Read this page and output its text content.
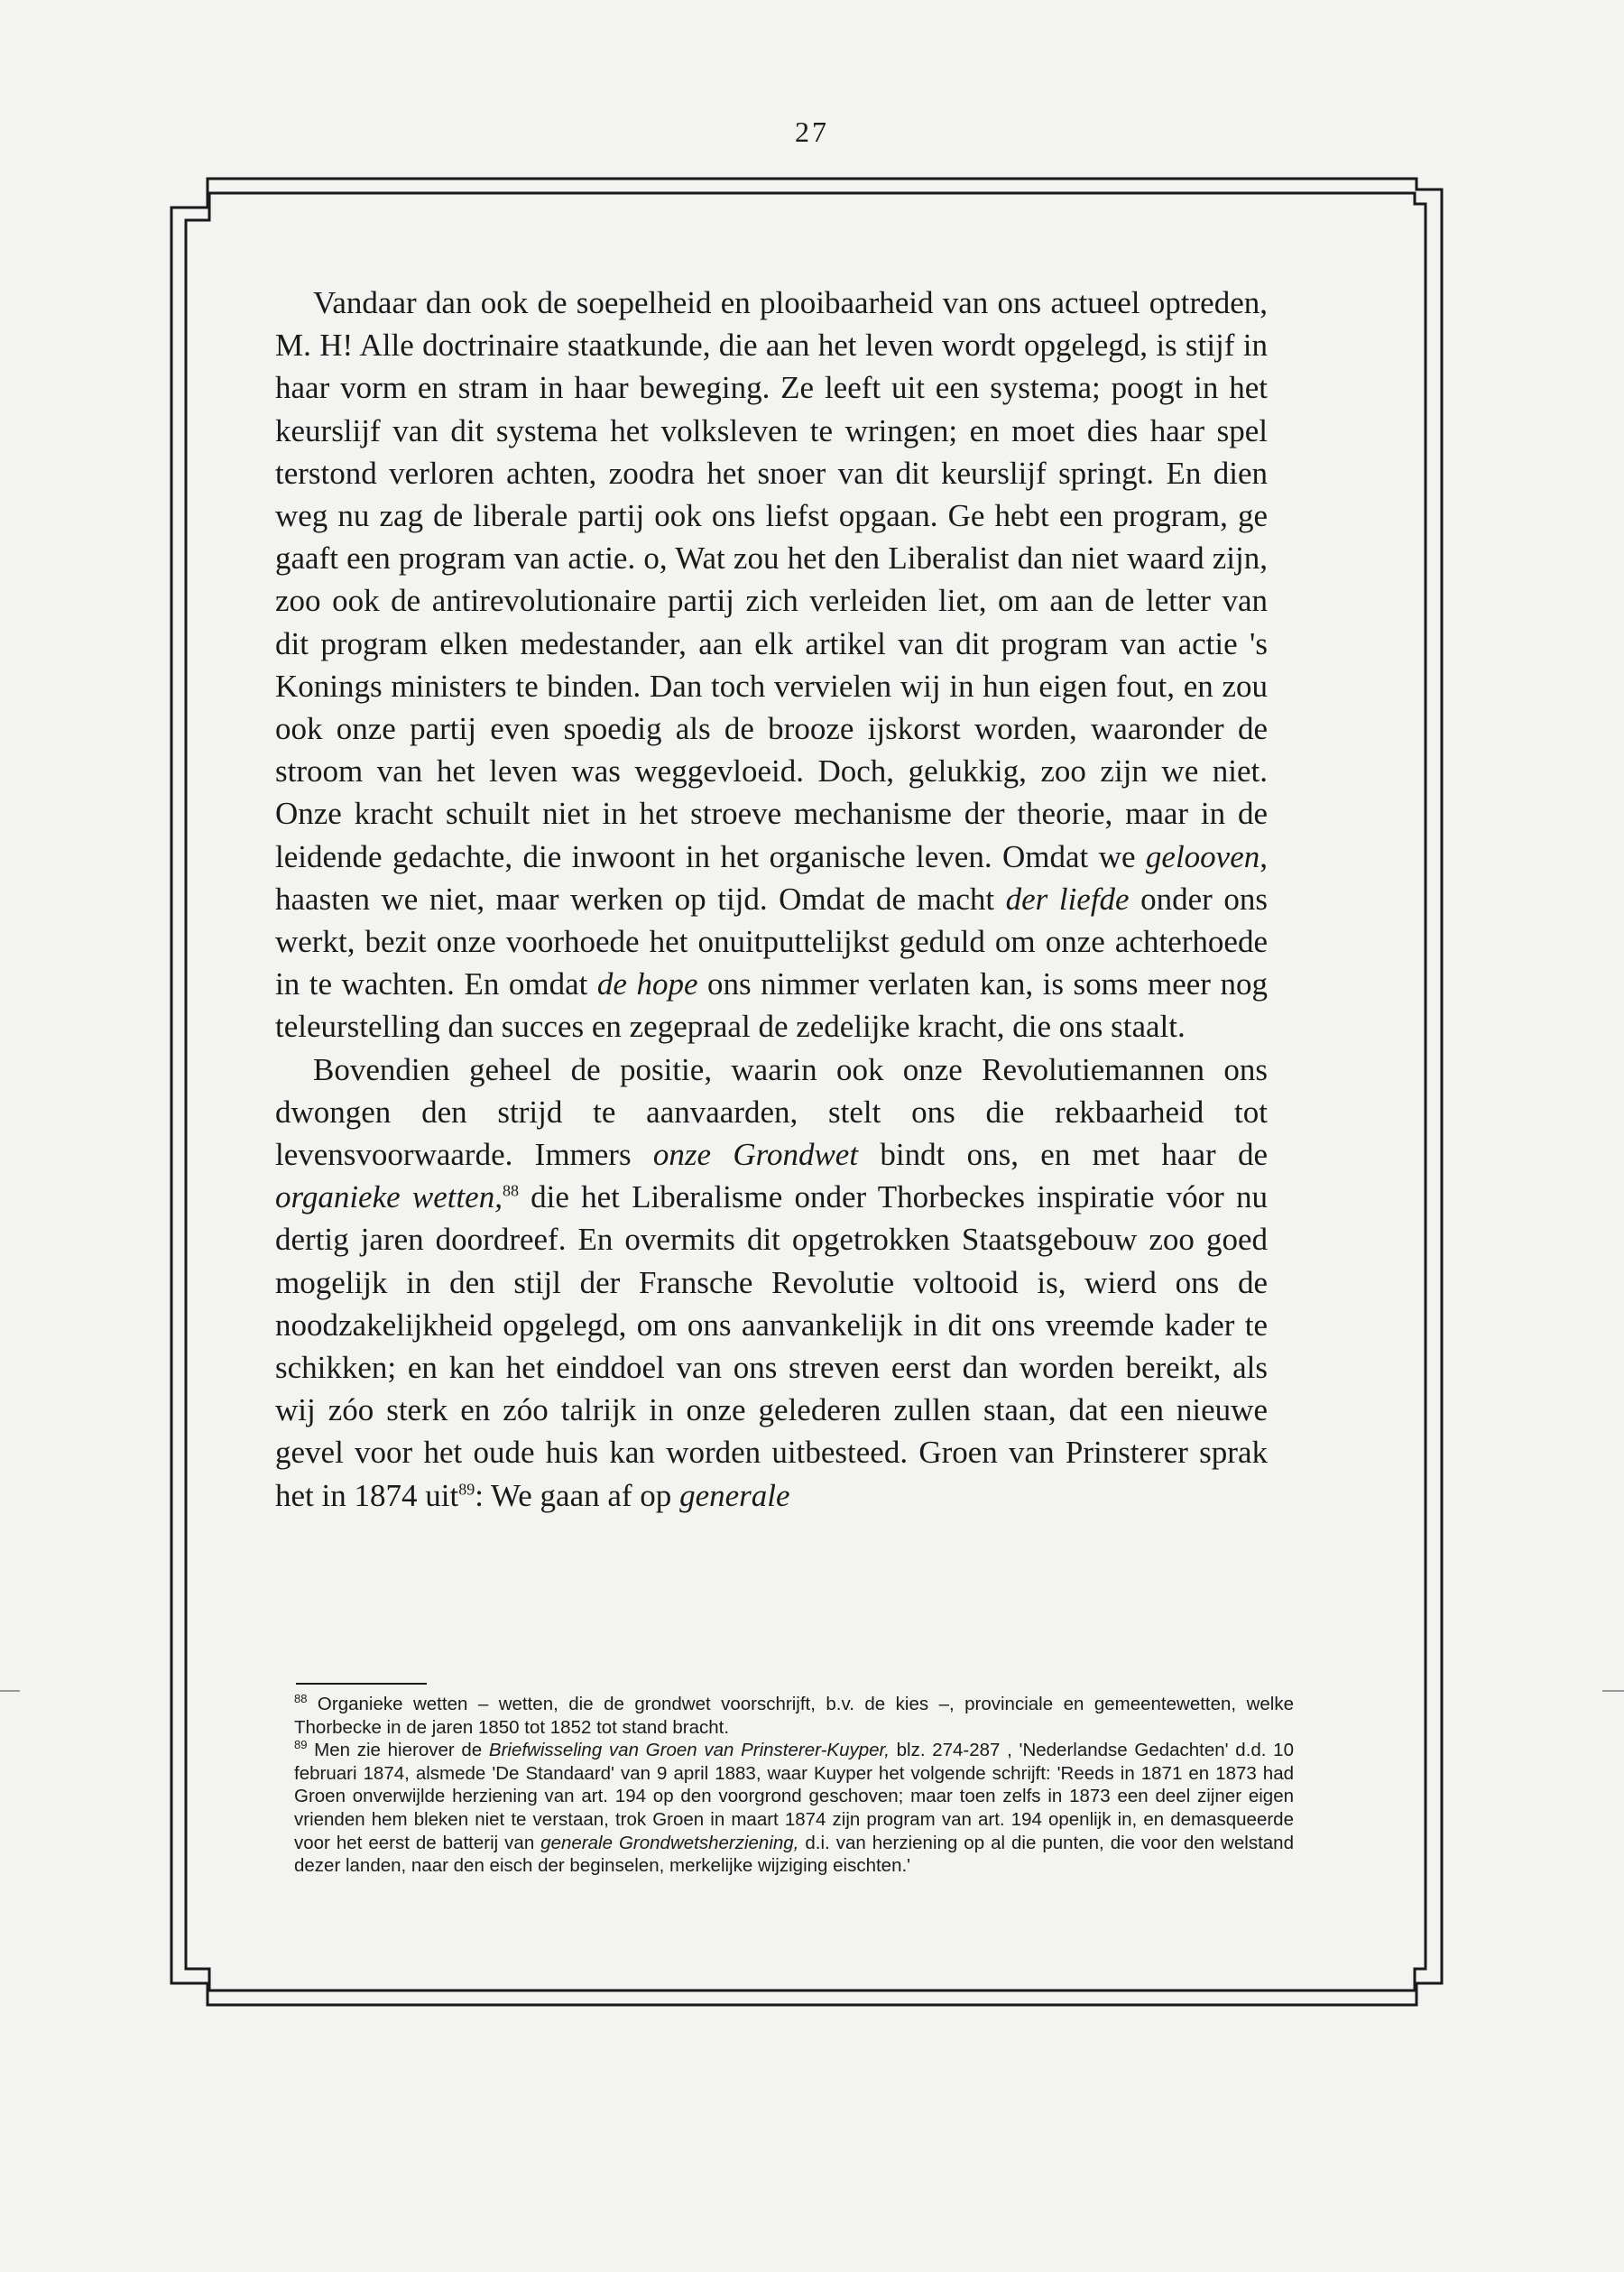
27

Vandaar dan ook de soepelheid en plooibaarheid van ons actueel optreden, M. H! Alle doctrinaire staatkunde, die aan het leven wordt opgelegd, is stijf in haar vorm en stram in haar beweging. Ze leeft uit een systema; poogt in het keurslijf van dit systema het volksleven te wringen; en moet dies haar spel terstond verloren achten, zoodra het snoer van dit keurslijf springt. En dien weg nu zag de liberale partij ook ons liefst opgaan. Ge hebt een program, ge gaaft een program van actie. o, Wat zou het den Liberalist dan niet waard zijn, zoo ook de antirevolutionaire partij zich verleiden liet, om aan de letter van dit program elken medestander, aan elk artikel van dit program van actie 's Konings ministers te binden. Dan toch vervielen wij in hun eigen fout, en zou ook onze partij even spoedig als de brooze ijskorst worden, waaronder de stroom van het leven was weggevloeid. Doch, gelukkig, zoo zijn we niet. Onze kracht schuilt niet in het stroeve mechanisme der theorie, maar in de leidende gedachte, die inwoont in het organische leven. Omdat we gelooven, haasten we niet, maar werken op tijd. Omdat de macht der liefde onder ons werkt, bezit onze voorhoede het onuitputtelijkst geduld om onze achterhoede in te wachten. En omdat de hope ons nimmer verlaten kan, is soms meer nog teleurstelling dan succes en zegepraal de zedelijke kracht, die ons staalt.

Bovendien geheel de positie, waarin ook onze Revolutiemannen ons dwongen den strijd te aanvaarden, stelt ons die rekbaarheid tot levensvoorwaarde. Immers onze Grondwet bindt ons, en met haar de organieke wetten,$^{88}$ die het Liberalisme onder Thorbeckes inspiratie vóor nu dertig jaren doordreef. En overmits dit opgetrokken Staatsgebouw zoo goed mogelijk in den stijl der Fransche Revolutie voltooid is, wierd ons de noodzakelijkheid opgelegd, om ons aanvankelijk in dit ons vreemde kader te schikken; en kan het einddoel van ons streven eerst dan worden bereikt, als wij zóo sterk en zóo talrijk in onze gelederen zullen staan, dat een nieuwe gevel voor het oude huis kan worden uitbesteed. Groen van Prinsterer sprak het in 1874 uit$^{89}$: We gaan af op generale

$^{88}$ Organieke wetten – wetten, die de grondwet voorschrijft, b.v. de kies –, provinciale en gemeentewetten, welke Thorbecke in de jaren 1850 tot 1852 tot stand bracht.

$^{89}$ Men zie hierover de Briefwisseling van Groen van Prinsterer-Kuyper, blz. 274-287 , 'Nederlandse Gedachten' d.d. 10 februari 1874, alsmede 'De Standaard' van 9 april 1883, waar Kuyper het volgende schrijft: 'Reeds in 1871 en 1873 had Groen onverwijlde herziening van art. 194 op den voorgrond geschoven; maar toen zelfs in 1873 een deel zijner eigen vrienden hem bleken niet te verstaan, trok Groen in maart 1874 zijn program van art. 194 openlijk in, en demasqueerde voor het eerst de batterij van generale Grondwetsherziening, d.i. van herziening op al die punten, die voor den welstand dezer landen, naar den eisch der beginselen, merkelijke wijziging eischten.'
